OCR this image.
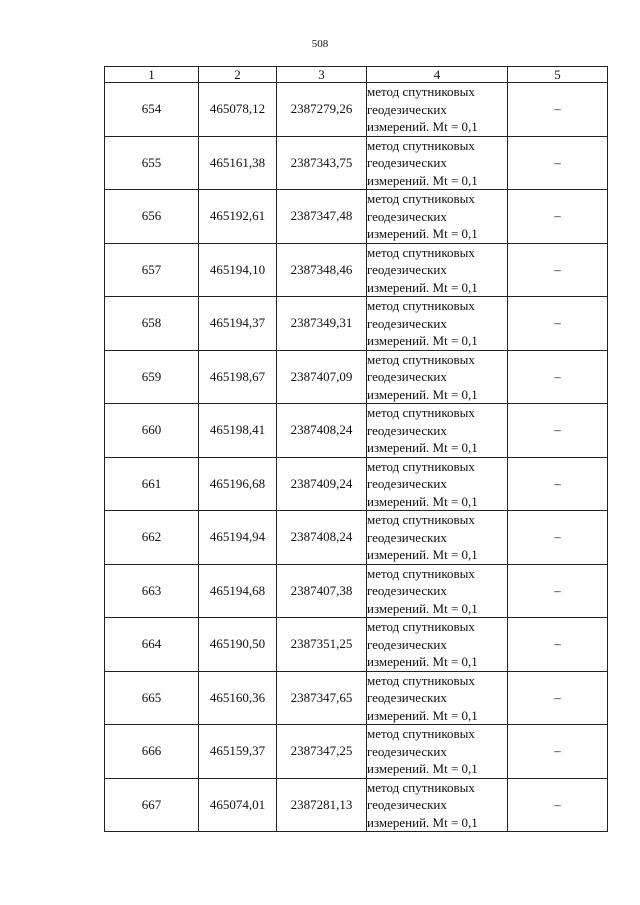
508
1	2	3	4	5
654	465078,12	2387279,26	метод спутниковых
геодезических
измерений. Mt = 0,1	–
655	465161,38	2387343,75	метод спутниковых
геодезических
измерений. Mt = 0,1	–
656	465192,61	2387347,48	метод спутниковых
геодезических
измерений. Mt = 0,1	–
657	465194,10	2387348,46	метод спутниковых
геодезических
измерений. Mt = 0,1	–
658	465194,37	2387349,31	метод спутниковых
геодезических
измерений. Mt = 0,1	–
659	465198,67	2387407,09	метод спутниковых
геодезических
измерений. Mt = 0,1	–
660	465198,41	2387408,24	метод спутниковых
геодезических
измерений. Mt = 0,1	–
661	465196,68	2387409,24	метод спутниковых
геодезических
измерений. Mt = 0,1	–
662	465194,94	2387408,24	метод спутниковых
геодезических
измерений. Mt = 0,1	–
663	465194,68	2387407,38	метод спутниковых
геодезических
измерений. Mt = 0,1	–
664	465190,50	2387351,25	метод спутниковых
геодезических
измерений. Mt = 0,1	–
665	465160,36	2387347,65	метод спутниковых
геодезических
измерений. Mt = 0,1	–
666	465159,37	2387347,25	метод спутниковых
геодезических
измерений. Mt = 0,1	–
667	465074,01	2387281,13	метод спутниковых
геодезических
измерений. Mt = 0,1	–
